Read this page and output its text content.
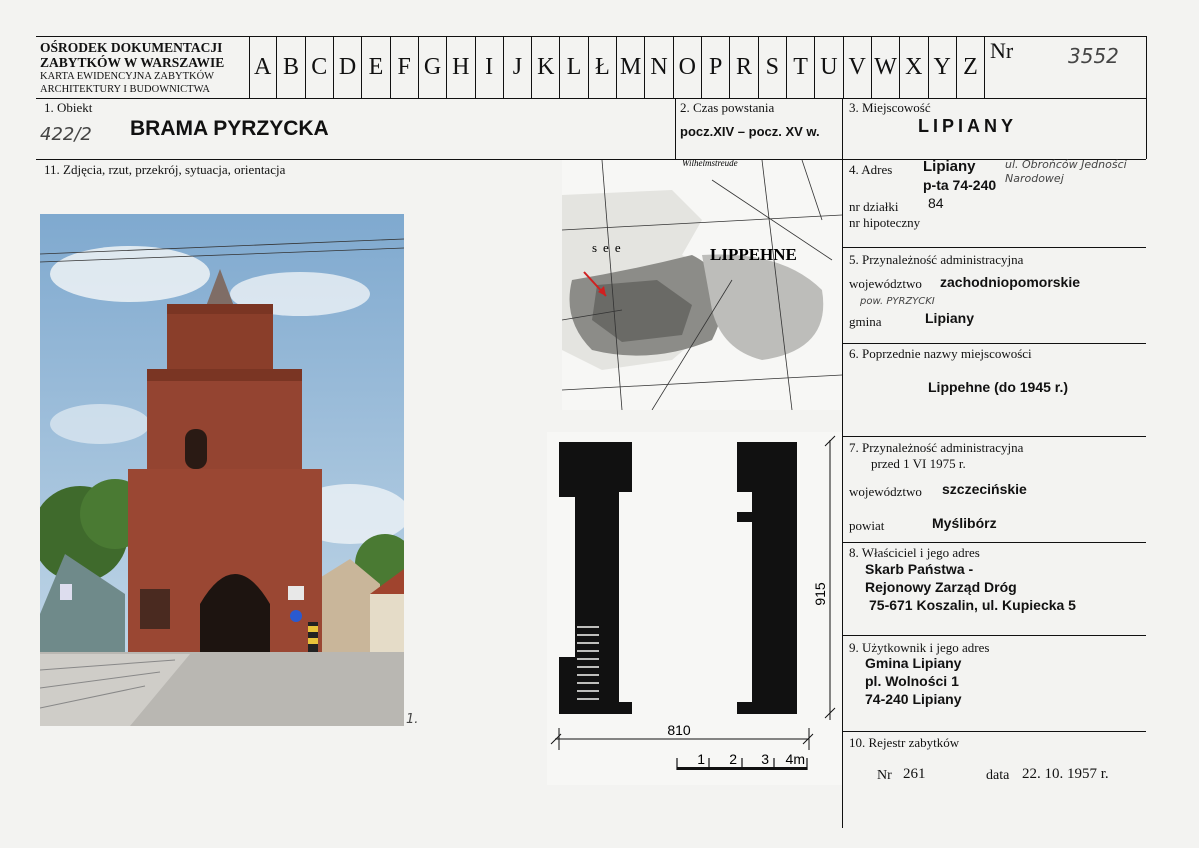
OŚRODEK DOKUMENTACJI
ZABYTKÓW W WARSZAWIE
KARTA EWIDENCYJNA ZABYTKÓW
ARCHITEKTURY I BUDOWNICTWA
A B C D E F G H I J K L Ł M N O P R S T U V W X Y Z
Nr	3552
1. Obiekt
422/2 BRAMA PYRZYCKA
2. Czas powstania
pocz.XIV – pocz. XV w.
3. Miejscowość
LIPIANY
11. Zdjęcia, rzut, przekrój, sytuacja, orientacja
1.
Wilhelmstreude
see	LIPPEHNE
915
810
1 2 3 4m
4. Adres Lipiany	ul. Obrońców Jedności Narodowej
p-ta 74-240
nr działki 84
nr hipoteczny
5. Przynależność administracyjna
województwo zachodniopomorskie
pow. PYRZYCKI
gmina	Lipiany
6. Poprzednie nazwy miejscowości
Lippehne (do 1945 r.)
7. Przynależność administracyjna
przed 1 VI 1975 r.
województwo szczecińskie
powiat	Myślibórz
8. Właściciel i jego adres
Skarb Państwa -
Rejonowy Zarząd Dróg
75-671 Koszalin, ul. Kupiecka 5
9. Użytkownik i jego adres
Gmina Lipiany
pl. Wolności 1
74-240 Lipiany
10. Rejestr zabytków
Nr 261	data 22. 10. 1957 r.
